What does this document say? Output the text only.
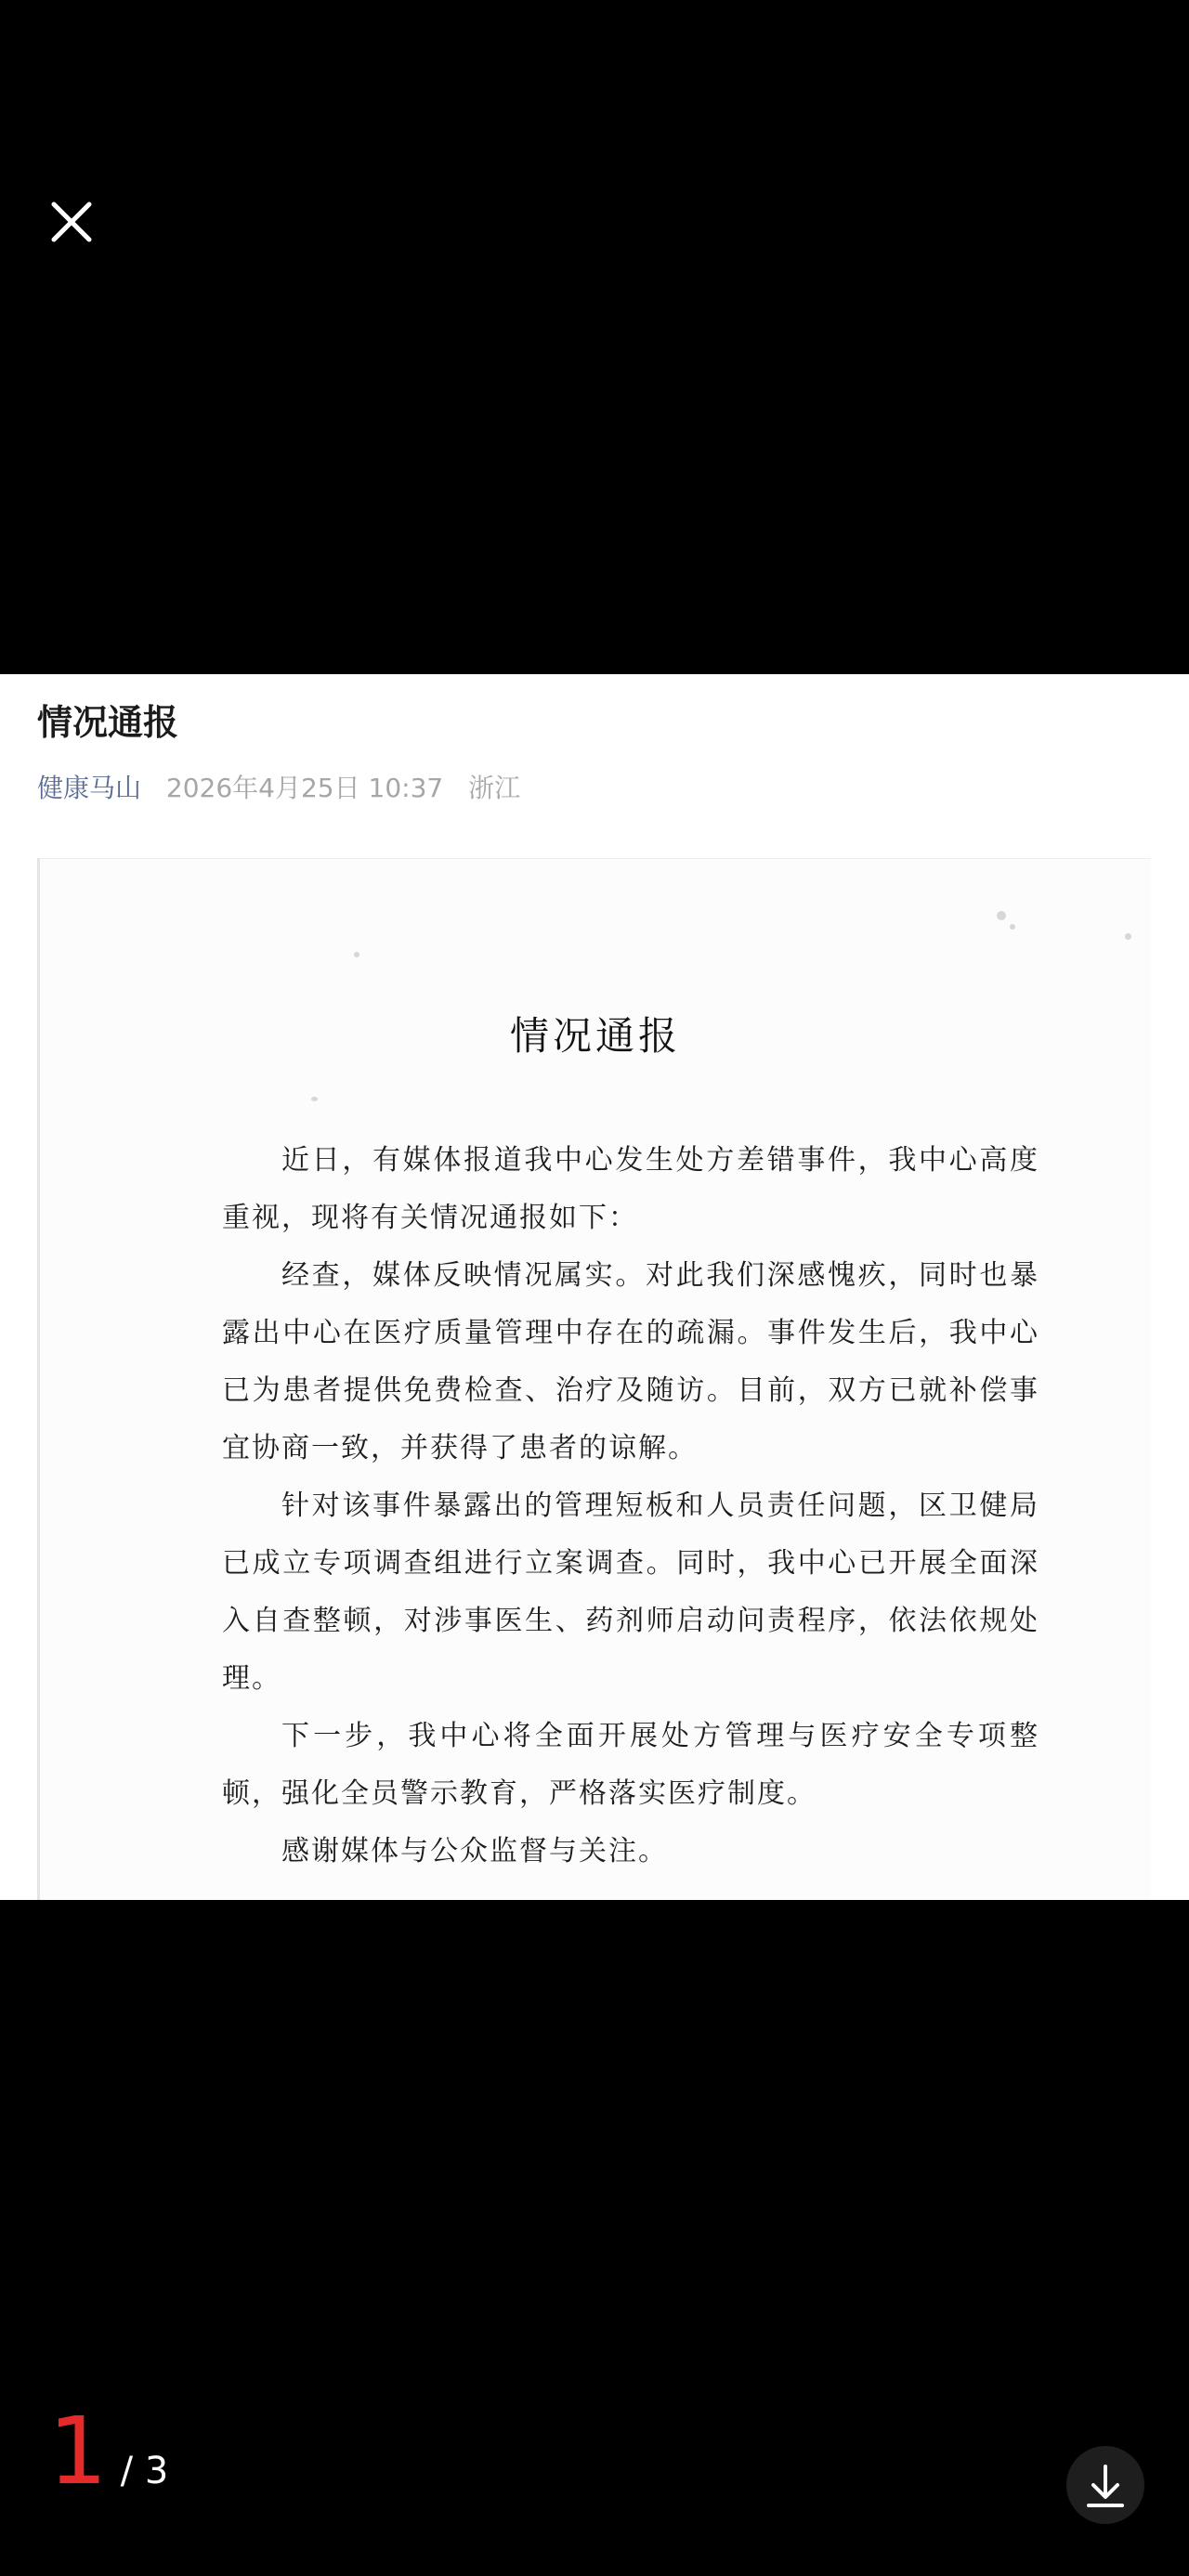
情况通报
健康马山 2026年4月25日 10:37 浙江
情况通报

近日，有媒体报道我中心发生处方差错事件，我中心高度重视，现将有关情况通报如下：

经查，媒体反映情况属实。对此我们深感愧疚，同时也暴露出中心在医疗质量管理中存在的疏漏。事件发生后，我中心已为患者提供免费检查、治疗及随访。目前，双方已就补偿事宜协商一致，并获得了患者的谅解。

针对该事件暴露出的管理短板和人员责任问题，区卫健局已成立专项调查组进行立案调查。同时，我中心已开展全面深入自查整顿，对涉事医生、药剂师启动问责程序，依法依规处理。

下一步，我中心将全面开展处方管理与医疗安全专项整顿，强化全员警示教育，严格落实医疗制度。

感谢媒体与公众监督与关注。

1 / 3
